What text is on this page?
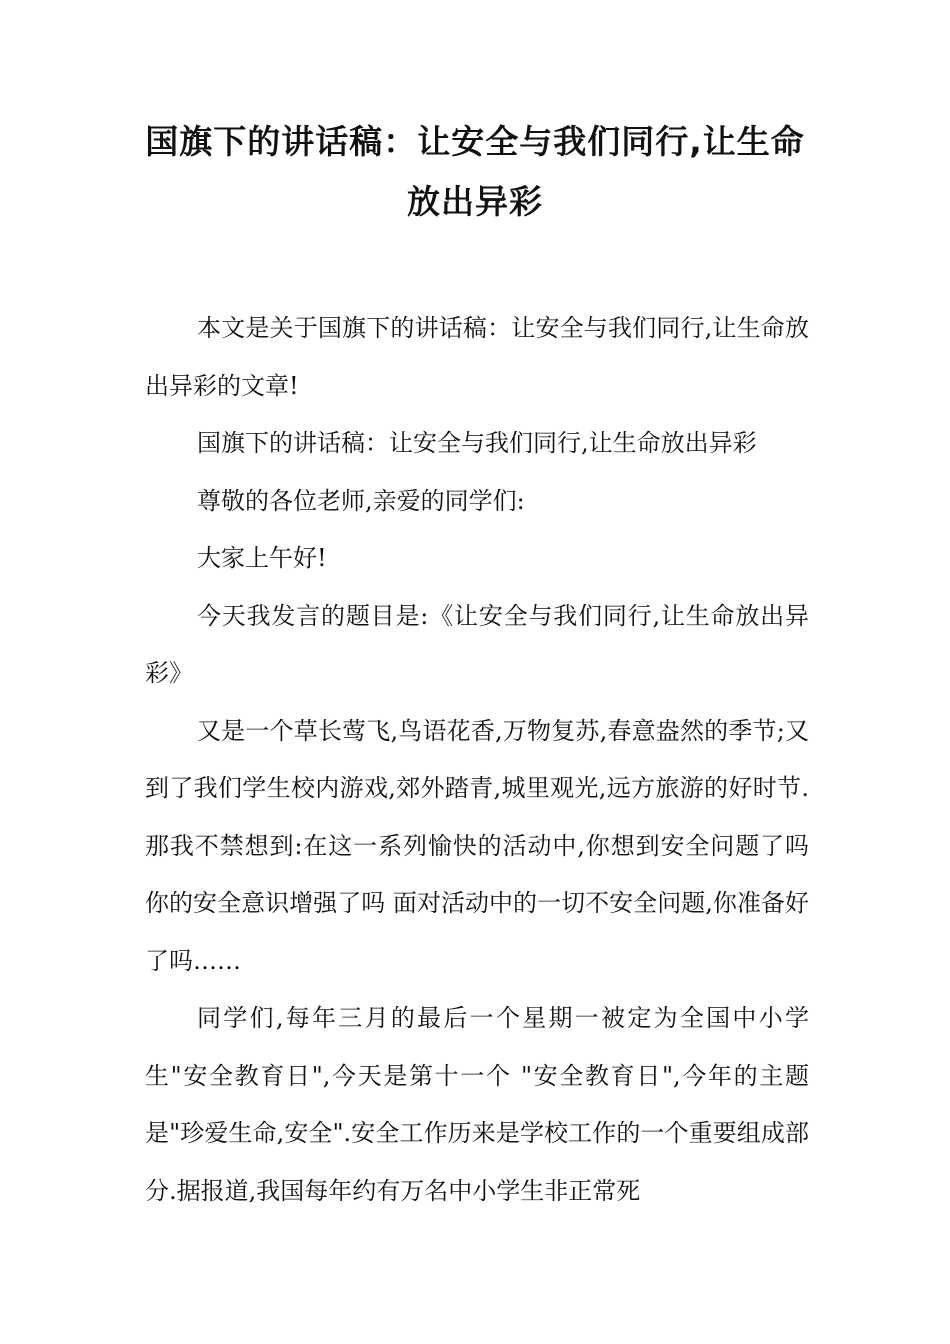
国旗下的讲话稿：让安全与我们同行,让生命放出异彩

本文是关于国旗下的讲话稿：让安全与我们同行,让生命放出异彩的文章!

国旗下的讲话稿：让安全与我们同行,让生命放出异彩

尊敬的各位老师,亲爱的同学们:

大家上午好!

今天我发言的题目是:《让安全与我们同行,让生命放出异彩》

又是一个草长莺飞,鸟语花香,万物复苏,春意盎然的季节;又到了我们学生校内游戏,郊外踏青,城里观光,远方旅游的好时节.那我不禁想到:在这一系列愉快的活动中,你想到安全问题了吗 你的安全意识增强了吗 面对活动中的一切不安全问题,你准备好了吗……

同学们,每年三月的最后一个星期一被定为全国中小学生"安全教育日",今天是第十一个 "安全教育日",今年的主题是"珍爱生命,安全".安全工作历来是学校工作的一个重要组成部分.据报道,我国每年约有万名中小学生非正常死
